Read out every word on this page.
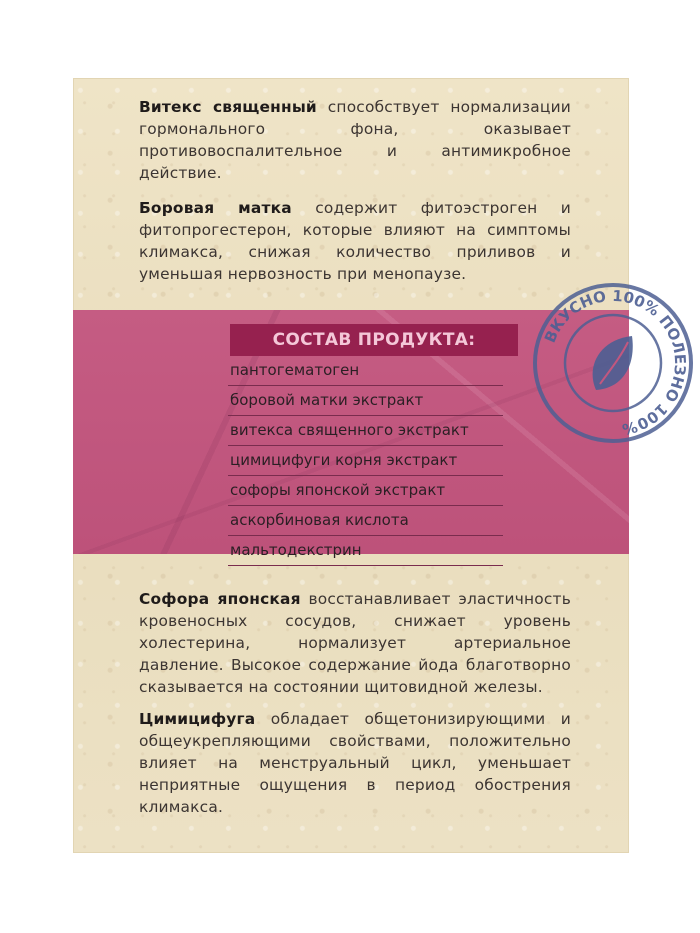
Витекс священный способствует нормализации гормонального фона, оказывает противовоспалительное и антимикробное действие.
Боровая матка содержит фитоэстроген и фитопрогестерон, которые влияют на симптомы климакса, снижая количество приливов и уменьшая нервозность при менопаузе.
СОСТАВ ПРОДУКТА:
пантогематоген
боровой матки экстракт
витекса священного экстракт
цимицифуги корня экстракт
софоры японской экстракт
аскорбиновая кислота
мальтодекстрин
ВКУСНО 100% ПОЛЕЗНО 100%
Софора японская восстанавливает эластичность кровеносных сосудов, снижает уровень холестерина, нормализует артериальное давление. Высокое содержание йода благотворно сказывается на состоянии щитовидной железы.
Цимицифуга обладает общетонизирующими и общеукрепляющими свойствами, положительно влияет на менструальный цикл, уменьшает неприятные ощущения в период обострения климакса.
